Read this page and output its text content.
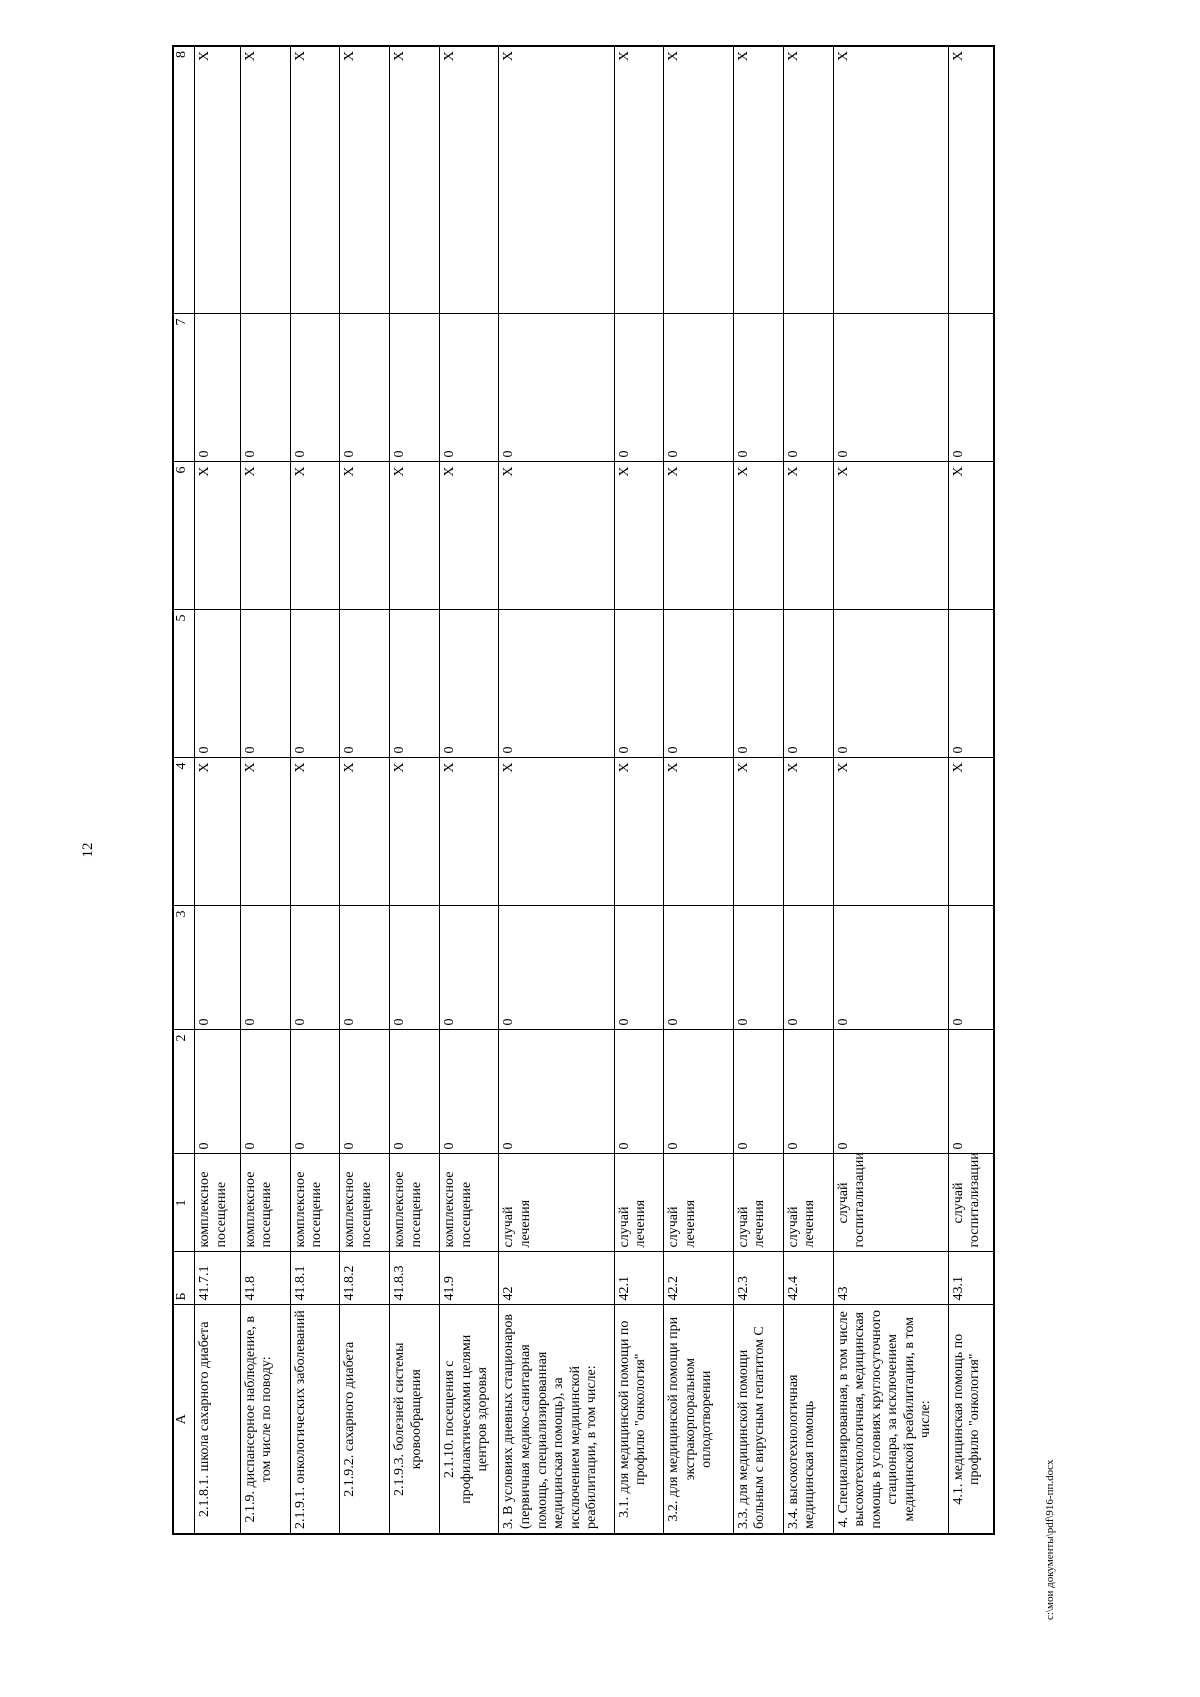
12
А	Б	1	2	3	4	5	6	7	8
2.1.8.1. школа сахарного диабета	41.7.1	комплексное посещение	0	0	X	0	X	0	X
2.1.9. диспансерное наблюдение, в том числе по поводу:	41.8	комплексное посещение	0	0	X	0	X	0	X
2.1.9.1. онкологических заболеваний	41.8.1	комплексное посещение	0	0	X	0	X	0	X
2.1.9.2. сахарного диабета	41.8.2	комплексное посещение	0	0	X	0	X	0	X
2.1.9.3. болезней системы кровообращения	41.8.3	комплексное посещение	0	0	X	0	X	0	X
2.1.10. посещения с профилактическими целями центров здоровья	41.9	комплексное посещение	0	0	X	0	X	0	X
3. В условиях дневных стационаров (первичная медико-санитарная помощь, специализированная медицинская помощь), за исключением медицинской реабилитации, в том числе:	42	случай лечения	0	0	X	0	X	0	X
3.1. для медицинской помощи по профилю "онкология"	42.1	случай лечения	0	0	X	0	X	0	X
3.2. для медицинской помощи при экстракорпоральном оплодотворении	42.2	случай лечения	0	0	X	0	X	0	X
3.3. для медицинской помощи больным с вирусным гепатитом С	42.3	случай лечения	0	0	X	0	X	0	X
3.4. высокотехнологичная медицинская помощь	42.4	случай лечения	0	0	X	0	X	0	X
4. Специализированная, в том числе высокотехнологичная, медицинская помощь в условиях круглосуточного стационара, за исключением медицинской реабилитации, в том числе:	43	случай госпитализации	0	0	X	0	X	0	X
4.1. медицинская помощь по профилю "онкология"	43.1	случай госпитализации	0	0	X	0	X	0	X
c:\мои документы\pdf\916-пп.docx
